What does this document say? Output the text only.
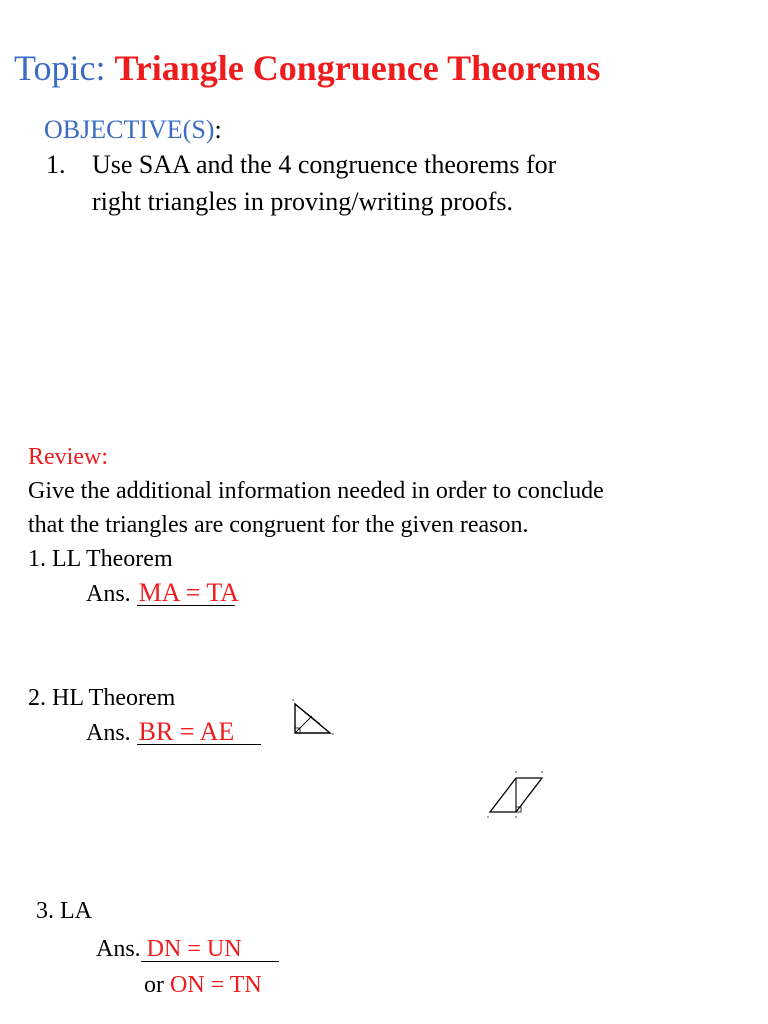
Topic: Triangle Congruence Theorems
OBJECTIVE(S):
1. Use SAA and the 4 congruence theorems for
right triangles in proving/writing proofs.
Review:
Give the additional information needed in order to conclude
that the triangles are congruent for the given reason.
1. LL Theorem
Ans. MA = TA
2. HL Theorem
Ans. BR = AE
3. LA
Ans. DN = UN
or ON = TN
